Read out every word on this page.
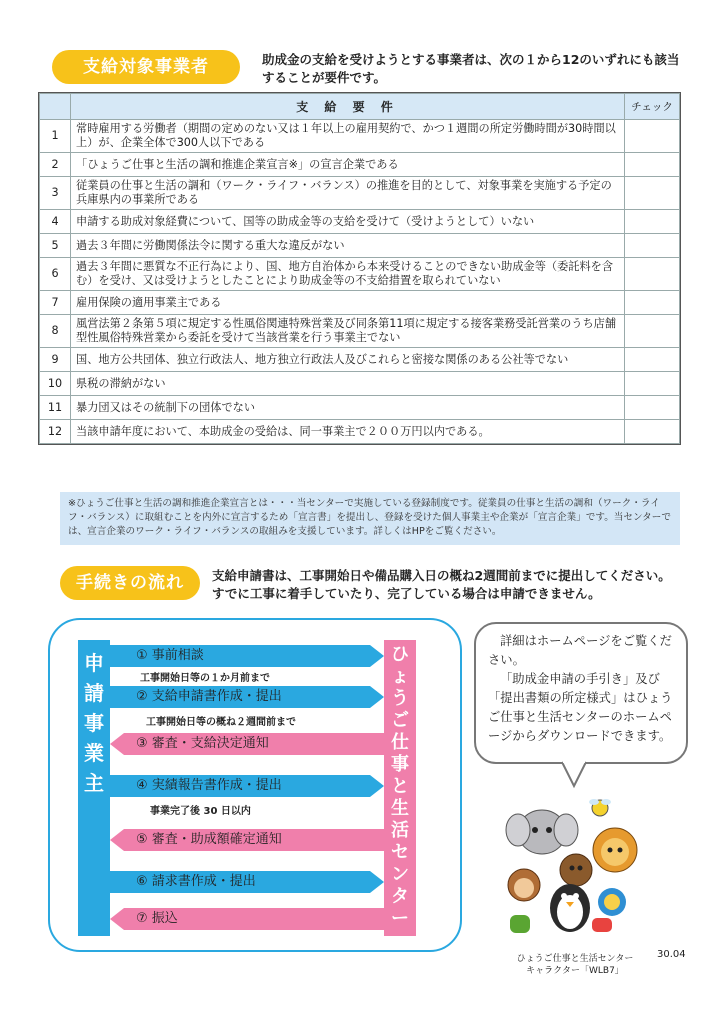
支給対象事業者	助成金の支給を受けようとする事業者は、次の１から12のいずれにも該当することが要件です。
	支 給 要 件	チェック
1	常時雇用する労働者（期間の定めのない又は１年以上の雇用契約で、かつ１週間の所定労働時間が30時間以上）が、企業全体で300人以下である	
2	「ひょうご仕事と生活の調和推進企業宣言※」の宣言企業である	
3	従業員の仕事と生活の調和（ワーク・ライフ・バランス）の推進を目的として、対象事業を実施する予定の兵庫県内の事業所である	
4	申請する助成対象経費について、国等の助成金等の支給を受けて（受けようとして）いない	
5	過去３年間に労働関係法令に関する重大な違反がない	
6	過去３年間に悪質な不正行為により、国、地方自治体から本来受けることのできない助成金等（委託料を含む）を受け、又は受けようとしたことにより助成金等の不支給措置を取られていない	
7	雇用保険の適用事業主である	
8	風営法第２条第５項に規定する性風俗関連特殊営業及び同条第11項に規定する接客業務受託営業のうち店舗型性風俗特殊営業から委託を受けて当該営業を行う事業主でない	
9	国、地方公共団体、独立行政法人、地方独立行政法人及びこれらと密接な関係のある公社等でない	
10	県税の滞納がない	
11	暴力団又はその統制下の団体でない	
12	当該申請年度において、本助成金の受給は、同一事業主で２００万円以内である。	
※ひょうご仕事と生活の調和推進企業宣言とは・・・当センターで実施している登録制度です。従業員の仕事と生活の調和（ワーク・ライフ・バランス）に取組むことを内外に宣言するため「宣言書」を提出し、登録を受けた個人事業主や企業が「宣言企業」です。当センターでは、宣言企業のワーク・ライフ・バランスの取組みを支援しています。詳しくはHPをご覧ください。
手続きの流れ	支給申請書は、工事開始日や備品購入日の概ね2週間前までに提出してください。
すでに工事に着手していたり、完了している場合は申請できません。
申
請
事
業
主
ひ
ょ
う
ご
仕
事
と
生
活
セ
ン
タ
ー
① 事前相談
② 支給申請書作成・提出
③ 審査・支給決定通知
④ 実績報告書作成・提出
⑤ 審査・助成額確定通知
⑥ 請求書作成・提出
⑦ 振込
工事開始日等の１か月前まで
工事開始日等の概ね２週間前まで
事業完了後 30 日以内
詳細はホームページをご覧ください。
「助成金申請の手引き」及び「提出書類の所定様式」はひょうご仕事と生活センターのホームページからダウンロードできます。
ひょうご仕事と生活センター
キャラクター「WLB7」
30.04
